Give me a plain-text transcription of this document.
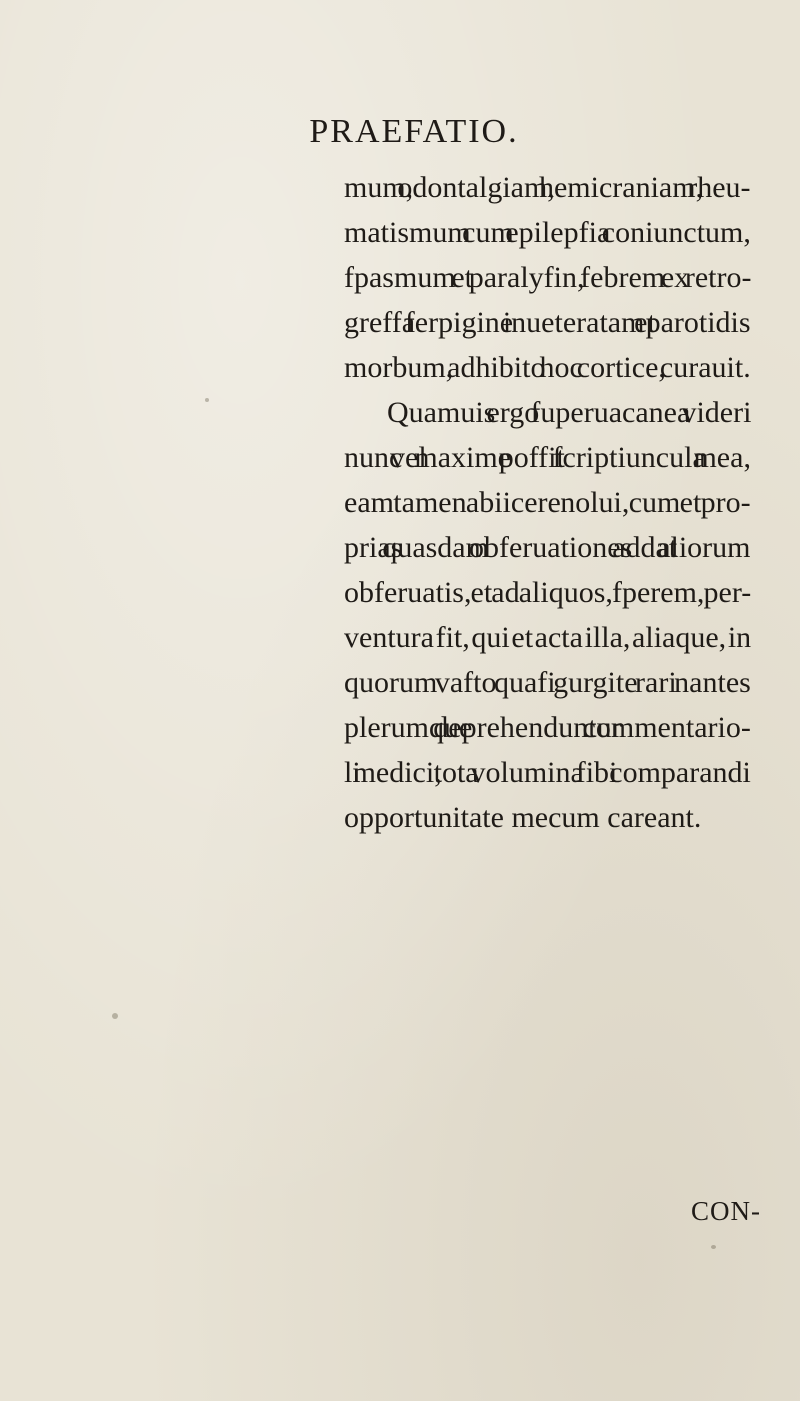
PRAEFATIO.
mum, odontalgiam, hemicraniam, rheu-
matismum cum epilepfia coniunctum,
fpasmum et paralyfin, febrem ex retro-
greffa ferpigine inueteratam et parotidis
morbum, adhibito hoc cortice, curauit.
Quamuis ergo fuperuacanea videri
nunc vel maxime poffit fcriptiuncula mea,
eam tamen abiicere nolui, cum et pro-
prias quasdam obferuationes addat aliorum
obferuatis, et ad aliquos, fperem, per-
ventura fit, qui et acta illa, aliaque, in
quorum vafto quafi gurgite rari nantes
plerumque deprehenduntur commentario-
li medici, tota volumina fibi comparandi
opportunitate mecum careant.
CON-
